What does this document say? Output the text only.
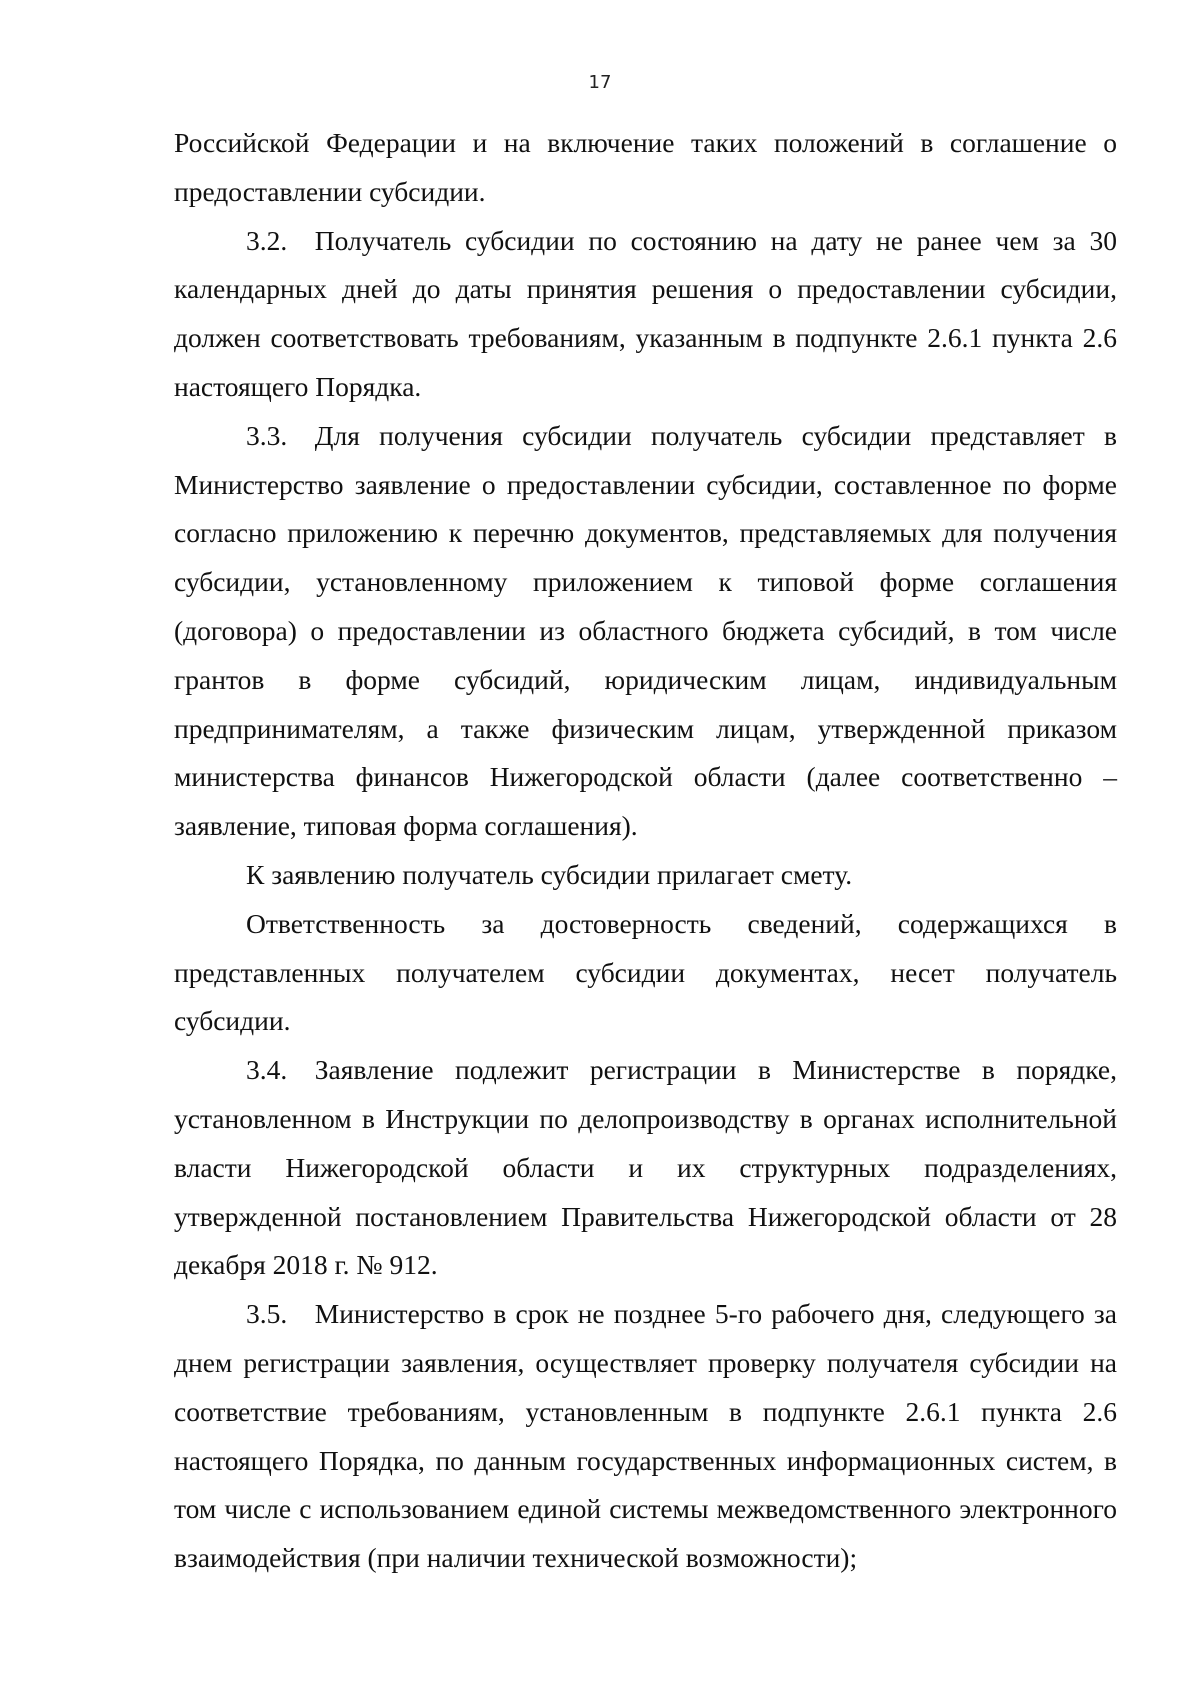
17

Российской Федерации и на включение таких положений в соглашение о предоставлении субсидии.

3.2. Получатель субсидии по состоянию на дату не ранее чем за 30 календарных дней до даты принятия решения о предоставлении субсидии, должен соответствовать требованиям, указанным в подпункте 2.6.1 пункта 2.6 настоящего Порядка.

3.3. Для получения субсидии получатель субсидии представляет в Министерство заявление о предоставлении субсидии, составленное по форме согласно приложению к перечню документов, представляемых для получения субсидии, установленному приложением к типовой форме соглашения (договора) о предоставлении из областного бюджета субсидий, в том числе грантов в форме субсидий, юридическим лицам, индивидуальным предпринимателям, а также физическим лицам, утвержденной приказом министерства финансов Нижегородской области (далее соответственно – заявление, типовая форма соглашения).

К заявлению получатель субсидии прилагает смету.

Ответственность за достоверность сведений, содержащихся в представленных получателем субсидии документах, несет получатель субсидии.

3.4. Заявление подлежит регистрации в Министерстве в порядке, установленном в Инструкции по делопроизводству в органах исполнительной власти Нижегородской области и их структурных подразделениях, утвержденной постановлением Правительства Нижегородской области от 28 декабря 2018 г. № 912.

3.5. Министерство в срок не позднее 5-го рабочего дня, следующего за днем регистрации заявления, осуществляет проверку получателя субсидии на соответствие требованиям, установленным в подпункте 2.6.1 пункта 2.6 настоящего Порядка, по данным государственных информационных систем, в том числе с использованием единой системы межведомственного электронного взаимодействия (при наличии технической возможности);
